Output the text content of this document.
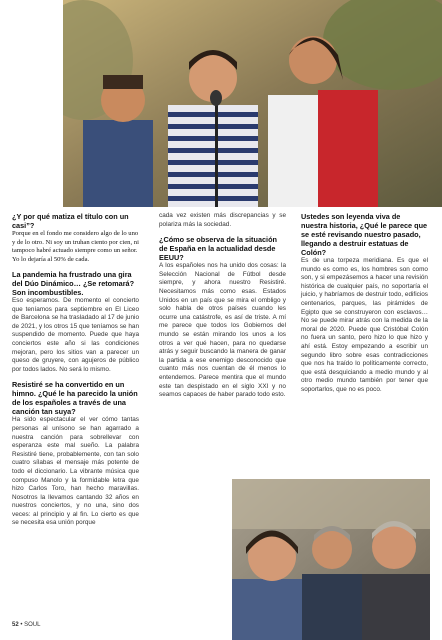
¿Y por qué matiza el título con un casi”?

Porque en el fondo me considero algo de lo uno y de lo otro. Ni soy un truhan ciento por cien, ni tampoco habré actuado siempre como un señor. Yo lo dejaría al 50% de cada.

La pandemia ha frustrado una gira del Dúo Dinámico… ¿Se retomará? Son incombustibles.

Eso esperamos. De momento el concierto que teníamos para septiembre en El Liceo de Barcelona se ha trasladado al 17 de junio de 2021, y los otros 15 que teníamos se han suspendido de momento. Puede que haya conciertos este año si las condiciones mejoran, pero los sitios van a parecer un queso de gruyere, con agujeros de público por todos lados. No será lo mismo.

Resistiré se ha convertido en un himno. ¿Qué le ha parecido la unión de los españoles a través de una canción tan suya?

Ha sido espectacular el ver cómo tantas personas al unísono se han agarrado a nuestra canción para sobrellevar con esperanza este mal sueño. La palabra Resistiré tiene, probablemente, con tan solo cuatro sílabas el mensaje más potente de todo el diccionario. La vibrante música que compuso Manolo y la formidable letra que hizo Carlos Toro, han hecho maravillas. Nosotros la llevamos cantando 32 años en nuestros conciertos, y no una, sino dos veces: al principio y al fin. Lo cierto es que se necesita esa unión porque

cada vez existen más discrepancias y se polariza más la sociedad.

¿Cómo se observa de la situación de España en la actualidad desde EEUU?

A los españoles nos ha unido dos cosas: la Selección Nacional de Fútbol desde siempre, y ahora nuestro Resistiré. Necesitamos más como esas. Estados Unidos en un país que se mira el ombligo y solo habla de otros países cuando les ocurre una catástrofe, es así de triste. A mí me parece que todos los Gobiernos del mundo se están mirando los unos a los otros a ver qué hacen, para no quedarse atrás y seguir buscando la manera de ganar la partida a ese enemigo desconocido que cuanto más nos cuentan de él menos lo entendemos. Parece mentira que el mundo este tan despistado en el siglo XXI y no seamos capaces de haber parado todo esto.

Ustedes son leyenda viva de nuestra historia, ¿Qué le parece que se esté revisando nuestro pasado, llegando a destruir estatuas de Colón?

Es de una torpeza meridiana. Es que el mundo es como es, los hombres son como son, y si empezásemos a hacer una revisión histórica de cualquier país, no soportaría el juicio, y habríamos de destruir todo, edificios centenarios, parques, las pirámides de Egipto que se construyeron con esclavos… No se puede mirar atrás con la medida de la moral de 2020. Puede que Cristóbal Colón no fuera un santo, pero hizo lo que hizo y ahí está. Estoy empezando a escribir un segundo libro sobre esas contradicciones que nos ha traído lo políticamente correcto, que está desquiciando a medio mundo y al otro medio mundo también por tener que soportarlos, que no es poco.

52 • SOUL
